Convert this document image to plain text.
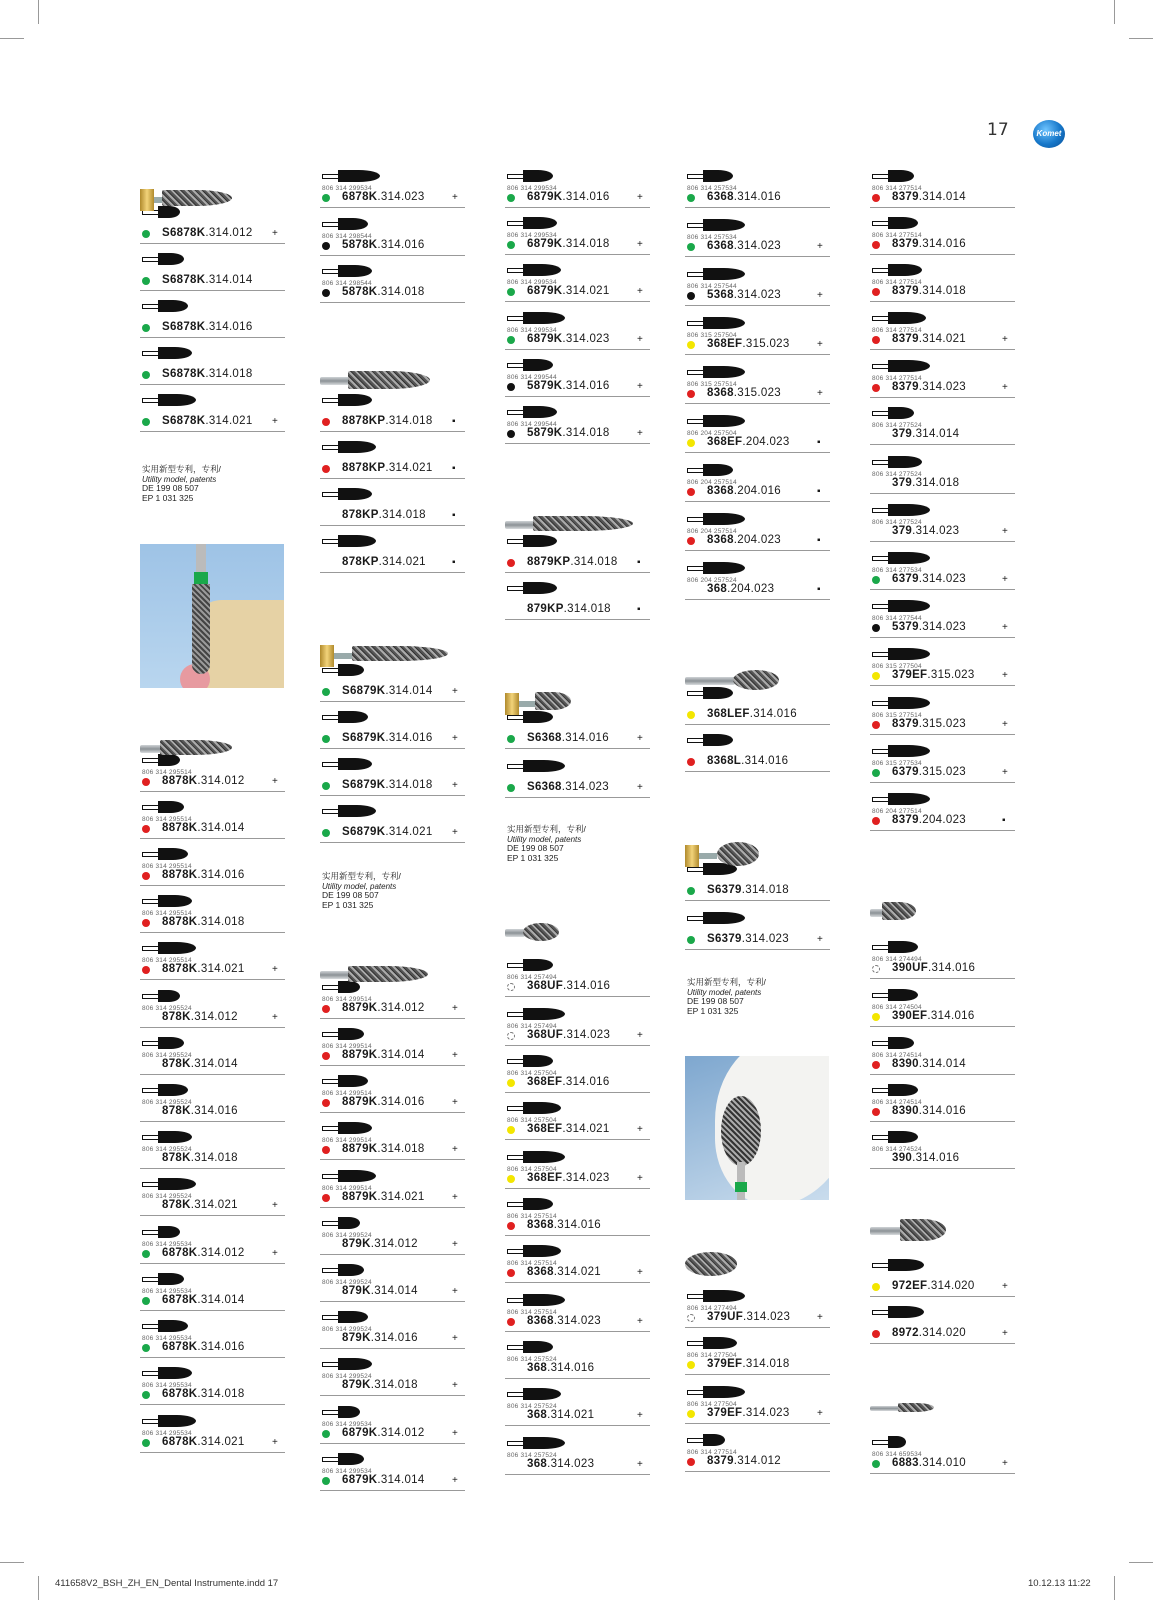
17	Komet
S6878K.314.012 +
S6878K.314.014
S6878K.314.016
S6878K.314.018
S6878K.314.021 +
806 314 295514
8878K.314.012	+
806 314 295514
8878K.314.014
806 314 295514
8878K.314.016
806 314 295514
8878K.314.018
806 314 295514
8878K.314.021	+
806 314 295524
878K.314.012	+
806 314 295524
878K.314.014
806 314 295524
878K.314.016
806 314 295524
878K.314.018
806 314 295524
878K.314.021	+
806 314 295534
6878K.314.012	+
806 314 295534
6878K.314.014
806 314 295534
6878K.314.016
806 314 295534
6878K.314.018
806 314 295534
6878K.314.021	+
806 314 299534
6878K.314.023	+
806 314 298544
5878K.314.016
806 314 298544
5878K.314.018
8878KP.314.018 ▪
8878KP.314.021 ▪
878KP.314.018	▪
878KP.314.021	▪
S6879K.314.014 +
S6879K.314.016 +
S6879K.314.018 +
S6879K.314.021 +
806 314 299514
8879K.314.012	+
806 314 299514
8879K.314.014	+
806 314 299514
8879K.314.016	+
806 314 299514
8879K.314.018	+
806 314 299514
8879K.314.021	+
806 314 299524
879K.314.012	+
806 314 299524
879K.314.014	+
806 314 299524
879K.314.016	+
806 314 299524
879K.314.018	+
806 314 299534
6879K.314.012	+
806 314 299534
6879K.314.014	+
806 314 299534
6879K.314.016	+
806 314 299534
6879K.314.018	+
806 314 299534
6879K.314.021	+
806 314 299534
6879K.314.023	+
806 314 299544
5879K.314.016	+
806 314 299544
5879K.314.018	+
8879KP.314.018 ▪
879KP.314.018	▪
S6368.314.016	+
S6368.314.023	+
806 314 257494
368UF.314.016
806 314 257494
368UF.314.023	+
806 314 257504
368EF.314.016
806 314 257504
368EF.314.021	+
806 314 257504
368EF.314.023	+
806 314 257514
8368.314.016
806 314 257514
8368.314.021	+
806 314 257514
8368.314.023	+
806 314 257524
368.314.016
806 314 257524
368.314.021	+
806 314 257524
368.314.023	+
806 314 257534
6368.314.016
806 314 257534
6368.314.023	+
806 314 257544
5368.314.023	+
806 315 257504
368EF.315.023	+
806 315 257514
8368.315.023	+
806 204 257504
368EF.204.023	▪
806 204 257514
8368.204.016	▪
806 204 257514
8368.204.023	▪
806 204 257524
368.204.023	▪
368LEF.314.016
8368L.314.016
S6379.314.018
S6379.314.023	+
806 314 277494
379UF.314.023	+
806 314 277504
379EF.314.018
806 314 277504
379EF.314.023	+
806 314 277514
8379.314.012
806 314 277514
8379.314.014
806 314 277514
8379.314.016
806 314 277514
8379.314.018
806 314 277514
8379.314.021	+
806 314 277514
8379.314.023	+
806 314 277524
379.314.014
806 314 277524
379.314.018
806 314 277524
379.314.023	+
806 314 277534
6379.314.023	+
806 314 277544
5379.314.023	+
806 315 277504
379EF.315.023	+
806 315 277514
8379.315.023	+
806 315 277534
6379.315.023	+
806 204 277514
8379.204.023	▪
806 314 274494
390UF.314.016
806 314 274504
390EF.314.016
806 314 274514
8390.314.014
806 314 274514
8390.314.016
806 314 274524
390.314.016
972EF.314.020	+
8972.314.020	+
806 314 659534
6883.314.010	+
实用新型专利，专利/
Utility model, patents
DE 199 08 507
EP 1 031 325
实用新型专利，专利/
Utility model, patents
DE 199 08 507
EP 1 031 325
实用新型专利，专利/
Utility model, patents
DE 199 08 507
EP 1 031 325
实用新型专利，专利/
Utility model, patents
DE 199 08 507
EP 1 031 325
411658V2_BSH_ZH_EN_Dental Instrumente.indd 17	10.12.13 11:22
